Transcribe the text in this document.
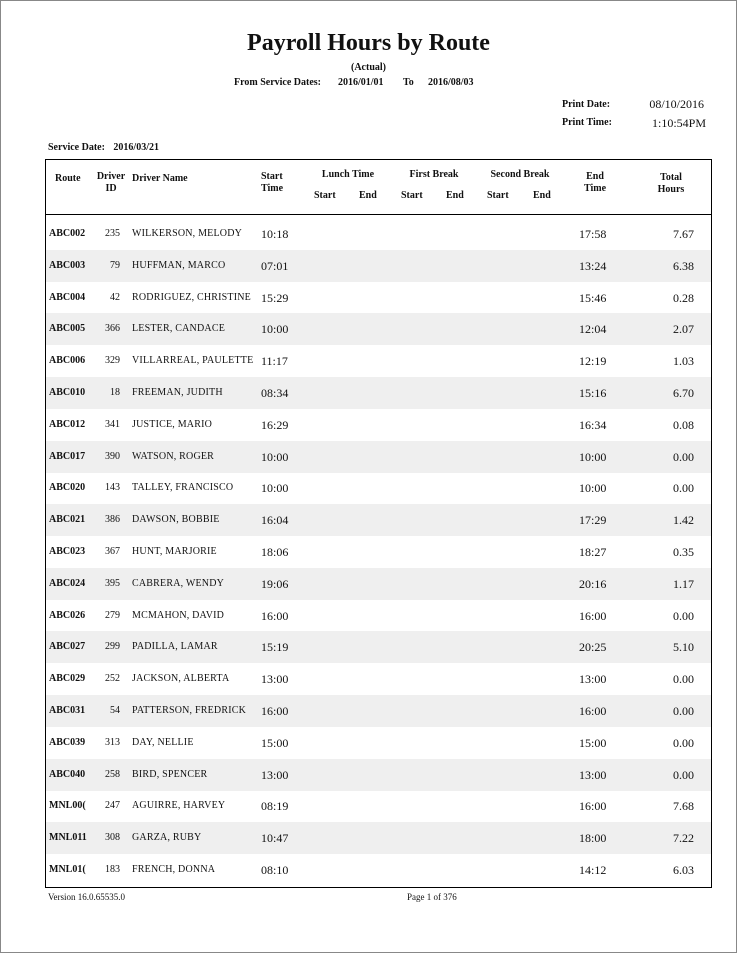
Payroll Hours by Route
(Actual)
From Service Dates: 2016/01/01 To 2016/08/03
Print Date:	08/10/2016
Print Time:	1:10:54PM
Service Date: 2016/03/21
Route Driver
ID
Driver Name	Start
Time
Lunch Time
Start End
First Break
Start End
Second Break
Start End
End
Time
Total
Hours
ABC002	235 WILKERSON, MELODY	10:18	17:58	7.67
ABC003	79 HUFFMAN, MARCO	07:01	13:24	6.38
ABC004	42 RODRIGUEZ, CHRISTINE 15:29	15:46	0.28
ABC005	366 LESTER, CANDACE	10:00	12:04	2.07
ABC006	329 VILLARREAL, PAULETTE 11:17	12:19	1.03
ABC010	18 FREEMAN, JUDITH	08:34	15:16	6.70
ABC012	341 JUSTICE, MARIO	16:29	16:34	0.08
ABC017	390 WATSON, ROGER	10:00	10:00	0.00
ABC020	143 TALLEY, FRANCISCO	10:00	10:00	0.00
ABC021	386 DAWSON, BOBBIE	16:04	17:29	1.42
ABC023	367 HUNT, MARJORIE	18:06	18:27	0.35
ABC024	395 CABRERA, WENDY	19:06	20:16	1.17
ABC026	279 MCMAHON, DAVID	16:00	16:00	0.00
ABC027	299 PADILLA, LAMAR	15:19	20:25	5.10
ABC029	252 JACKSON, ALBERTA	13:00	13:00	0.00
ABC031	54 PATTERSON, FREDRICK	16:00	16:00	0.00
ABC039	313 DAY, NELLIE	15:00	15:00	0.00
ABC040	258 BIRD, SPENCER	13:00	13:00	0.00
MNL00(	247 AGUIRRE, HARVEY	08:19	16:00	7.68
MNL011	308 GARZA, RUBY	10:47	18:00	7.22
MNL01(	183 FRENCH, DONNA	08:10	14:12	6.03
Version 16.0.65535.0	Page 1 of 376
